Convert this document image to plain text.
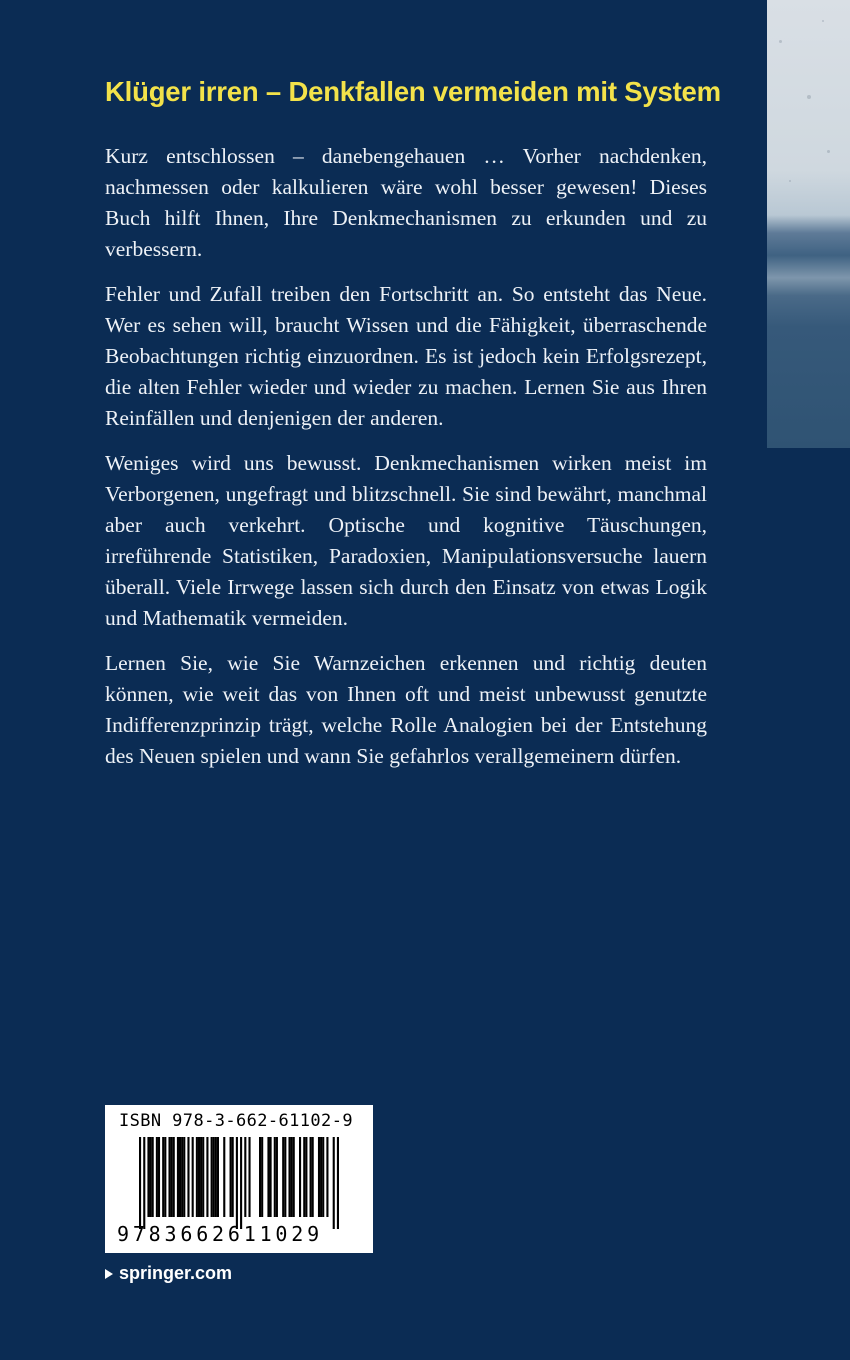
Klüger irren – Denkfallen vermeiden mit System

Kurz entschlossen – danebengehauen … Vorher nachdenken, nachmessen oder kalkulieren wäre wohl besser gewesen! Dieses Buch hilft Ihnen, Ihre Denkmechanismen zu erkunden und zu verbessern.

Fehler und Zufall treiben den Fortschritt an. So entsteht das Neue. Wer es sehen will, braucht Wissen und die Fähigkeit, überraschende Beobachtungen richtig einzuordnen. Es ist jedoch kein Erfolgsrezept, die alten Fehler wieder und wieder zu machen. Lernen Sie aus Ihren Reinfällen und denjenigen der anderen.

Weniges wird uns bewusst. Denkmechanismen wirken meist im Verborgenen, ungefragt und blitzschnell. Sie sind bewährt, manchmal aber auch verkehrt. Optische und kognitive Täuschungen, irreführende Statistiken, Paradoxien, Manipulationsversuche lauern überall. Viele Irrwege lassen sich durch den Einsatz von etwas Logik und Mathematik vermeiden.

Lernen Sie, wie Sie Warnzeichen erkennen und richtig deuten können, wie weit das von Ihnen oft und meist unbewusst genutzte Indifferenzprinzip trägt, welche Rolle Analogien bei der Entstehung des Neuen spielen und wann Sie gefahrlos verallgemeinern dürfen.

ISBN 978-3-662-61102-9
9783662611029
springer.com
